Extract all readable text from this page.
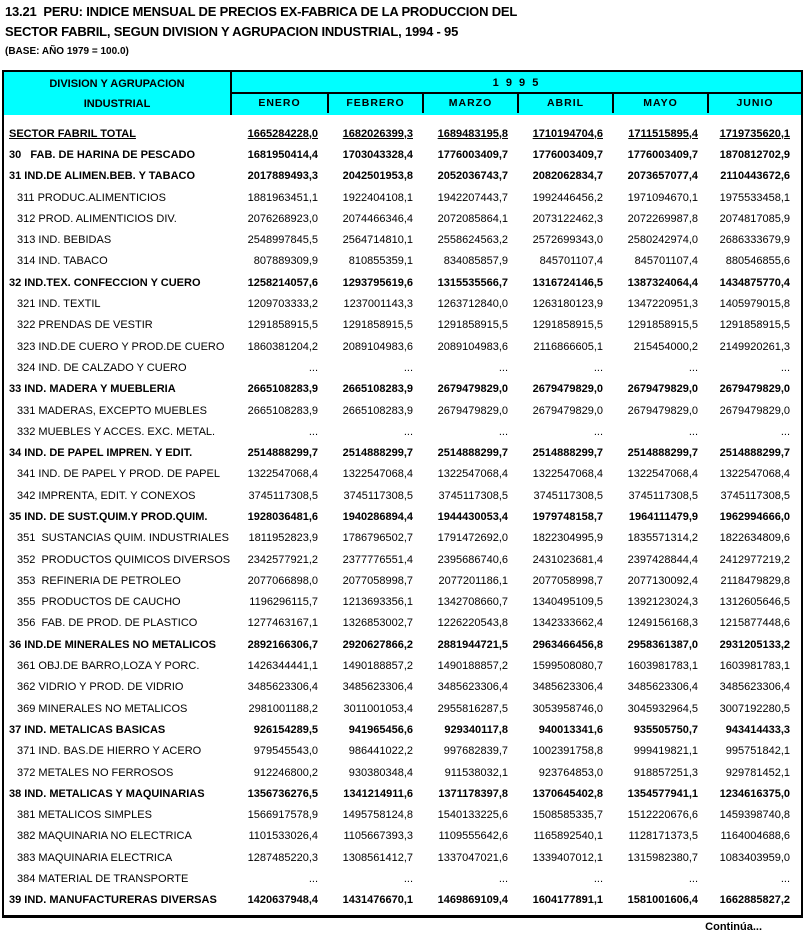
13.21  PERU: INDICE MENSUAL DE PRECIOS EX-FABRICA DE LA PRODUCCION DEL
SECTOR FABRIL, SEGUN DIVISION Y AGRUPACION INDUSTRIAL, 1994 - 95
(BASE: AÑO 1979 = 100.0)
DIVISION Y AGRUPACION
INDUSTRIAL
1 9 9 5
ENERO	FEBRERO	MARZO	ABRIL	MAYO	JUNIO
SECTOR FABRIL TOTAL	1665284228,0	1682026399,3	1689483195,8	1710194704,6	1711515895,4	1719735620,1
30   FAB. DE HARINA DE PESCADO	1681950414,4	1703043328,4	1776003409,7	1776003409,7	1776003409,7	1870812702,9
31 IND.DE ALIMEN.BEB. Y TABACO	2017889493,3	2042501953,8	2052036743,7	2082062834,7	2073657077,4	2110443672,6
311 PRODUC.ALIMENTICIOS	1881963451,1	1922404108,1	1942207443,7	1992446456,2	1971094670,1	1975533458,1
312 PROD. ALIMENTICIOS DIV.	2076268923,0	2074466346,4	2072085864,1	2073122462,3	2072269987,8	2074817085,9
313 IND. BEBIDAS	2548997845,5	2564714810,1	2558624563,2	2572699343,0	2580242974,0	2686333679,9
314 IND. TABACO	807889309,9	810855359,1	834085857,9	845701107,4	845701107,4	880546855,6
32 IND.TEX. CONFECCION Y CUERO	1258214057,6	1293795619,6	1315535566,7	1316724146,5	1387324064,4	1434875770,4
321 IND. TEXTIL	1209703333,2	1237001143,3	1263712840,0	1263180123,9	1347220951,3	1405979015,8
322 PRENDAS DE VESTIR	1291858915,5	1291858915,5	1291858915,5	1291858915,5	1291858915,5	1291858915,5
323 IND.DE CUERO Y PROD.DE CUERO	1860381204,2	2089104983,6	2089104983,6	2116866605,1	215454000,2	2149920261,3
324 IND. DE CALZADO Y CUERO	...	...	...	...	...	...
33 IND. MADERA Y MUEBLERIA	2665108283,9	2665108283,9	2679479829,0	2679479829,0	2679479829,0	2679479829,0
331 MADERAS, EXCEPTO MUEBLES	2665108283,9	2665108283,9	2679479829,0	2679479829,0	2679479829,0	2679479829,0
332 MUEBLES Y ACCES. EXC. METAL.	...	...	...	...	...	...
34 IND. DE PAPEL IMPREN. Y EDIT.	2514888299,7	2514888299,7	2514888299,7	2514888299,7	2514888299,7	2514888299,7
341 IND. DE PAPEL Y PROD. DE PAPEL	1322547068,4	1322547068,4	1322547068,4	1322547068,4	1322547068,4	1322547068,4
342 IMPRENTA, EDIT. Y CONEXOS	3745117308,5	3745117308,5	3745117308,5	3745117308,5	3745117308,5	3745117308,5
35 IND. DE SUST.QUIM.Y PROD.QUIM.	1928036481,6	1940286894,4	1944430053,4	1979748158,7	1964111479,9	1962994666,0
351  SUSTANCIAS QUIM. INDUSTRIALES	1811952823,9	1786796502,7	1791472692,0	1822304995,9	1835571314,2	1822634809,6
352  PRODUCTOS QUIMICOS DIVERSOS	2342577921,2	2377776551,4	2395686740,6	2431023681,4	2397428844,4	2412977219,2
353  REFINERIA DE PETROLEO	2077066898,0	2077058998,7	2077201186,1	2077058998,7	2077130092,4	2118479829,8
355  PRODUCTOS DE CAUCHO	1196296115,7	1213693356,1	1342708660,7	1340495109,5	1392123024,3	1312605646,5
356  FAB. DE PROD. DE PLASTICO	1277463167,1	1326853002,7	1226220543,8	1342333662,4	1249156168,3	1215877448,6
36 IND.DE MINERALES NO METALICOS	2892166306,7	2920627866,2	2881944721,5	2963466456,8	2958361387,0	2931205133,2
361 OBJ.DE BARRO,LOZA Y PORC.	1426344441,1	1490188857,2	1490188857,2	1599508080,7	1603981783,1	1603981783,1
362 VIDRIO Y PROD. DE VIDRIO	3485623306,4	3485623306,4	3485623306,4	3485623306,4	3485623306,4	3485623306,4
369 MINERALES NO METALICOS	2981001188,2	3011001053,4	2955816287,5	3053958746,0	3045932964,5	3007192280,5
37 IND. METALICAS BASICAS	926154289,5	941965456,6	929340117,8	940013341,6	935505750,7	943414433,3
371 IND. BAS.DE HIERRO Y ACERO	979545543,0	986441022,2	997682839,7	1002391758,8	999419821,1	995751842,1
372 METALES NO FERROSOS	912246800,2	930380348,4	911538032,1	923764853,0	918857251,3	929781452,1
38 IND. METALICAS Y MAQUINARIAS	1356736276,5	1341214911,6	1371178397,8	1370645402,8	1354577941,1	1234616375,0
381 METALICOS SIMPLES	1566917578,9	1495758124,8	1540133225,6	1508585335,7	1512220676,6	1459398740,8
382 MAQUINARIA NO ELECTRICA	1101533026,4	1105667393,3	1109555642,6	1165892540,1	1128171373,5	1164004688,6
383 MAQUINARIA ELECTRICA	1287485220,3	1308561412,7	1337047021,6	1339407012,1	1315982380,7	1083403959,0
384 MATERIAL DE TRANSPORTE	...	...	...	...	...	...
39 IND. MANUFACTURERAS DIVERSAS	1420637948,4	1431476670,1	1469869109,4	1604177891,1	1581001606,4	1662885827,2
Continúa...
